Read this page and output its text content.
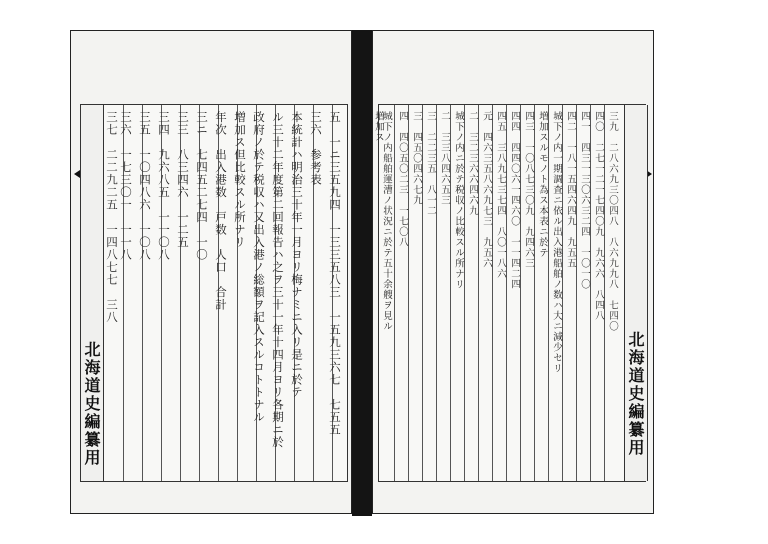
北海道史編纂用	五　一ニ三五九四　一三三五八三　一五九三六七　七五五
三六　参考表
本統計ハ明治三十年一月ヨリ梅ナミニ入リ是ニ於テ
ル三十二年度第二回報告ハ之ヲ三十一年十四月ヨリ各期ニ於
政府ノ於テ税収ハ又出入港ノ総額ヲ記入スルコトトナル
増加ス但比較スル所ナリ
年次　出入港数　戸数　人口　合計
三ニ　七四五二七四　一〇
三三　八三四六　一二五
三四　九六八五　一一〇八
三五　一〇四八六　一〇八
三六　一七三〇一　一一八
三七　二二九二五　一四八七七　三八
北海道史編纂用
三九　二八六九三〇四八　八六九九八　七四〇
四〇　二七一二一七四〇九　九六六　八四八
四一　四三一三〇六三二四　一〇一〇
四二　一八一五四六四九　九五五
城下ノ内一期調査ニ依ル出入港船舶ノ数ハ大ニ減少セリ
増加スルモノト為ス本表ニ於テ
四三　一〇八七三〇九　九四六三
四四　四四〇六一四六〇　一一四二四
四五　三八九七三七四　八〇一八六
元　四六三五八六九七三　九五六
二　三二三六六四六九
城下ノ内ニ於テ税収ノ比較スル所ナリ
二　三三八四六五三
三　二二三五　八一二
三　四五〇四六七九
四　四〇五〇二三　一七〇八
城下ノ内船舶運漕ノ状況ニ於テ五十余艘ヲ見ル
増加ス
